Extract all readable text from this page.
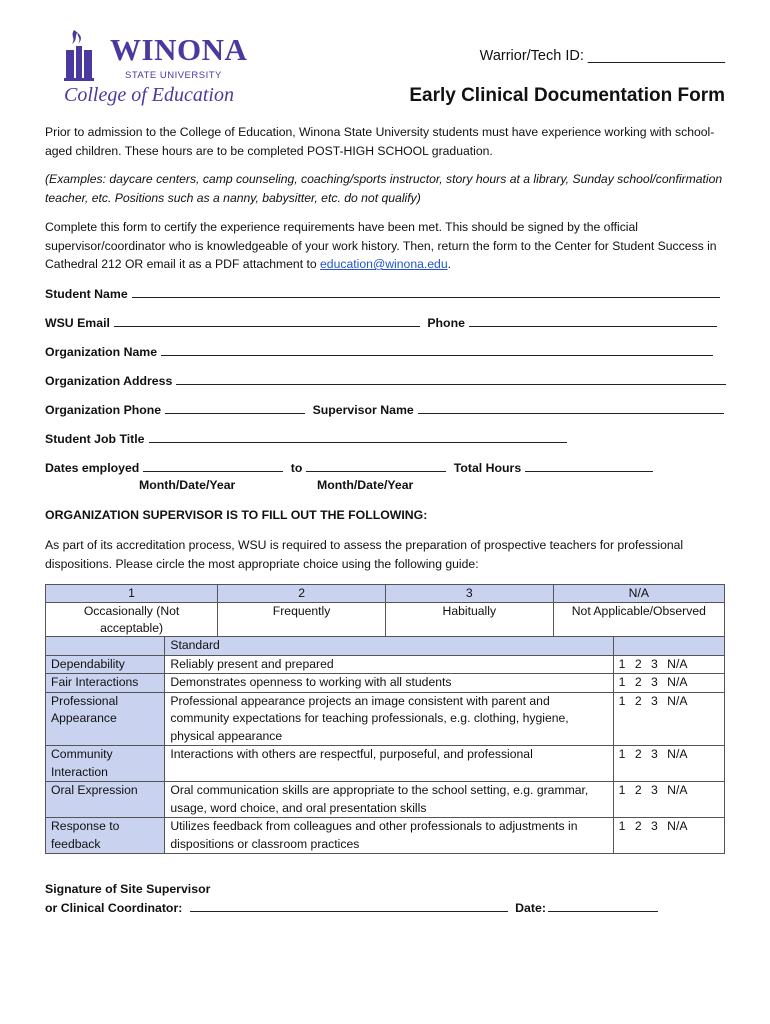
WINONA
STATE UNIVERSITY
College of Education
Warrior/Tech ID: _________________
Early Clinical Documentation Form
Prior to admission to the College of Education, Winona State University students must have experience working with school-aged children. These hours are to be completed POST-HIGH SCHOOL graduation.
(Examples: daycare centers, camp counseling, coaching/sports instructor, story hours at a library, Sunday school/confirmation teacher, etc. Positions such as a nanny, babysitter, etc. do not qualify)
Complete this form to certify the experience requirements have been met. This should be signed by the official supervisor/coordinator who is knowledgeable of your work history. Then, return the form to the Center for Student Success in Cathedral 212 OR email it as a PDF attachment to education@winona.edu.
Student Name
WSU Email	Phone
Organization Name
Organization Address
Organization Phone	Supervisor Name
Student Job Title
Dates employed	to	Total Hours
Month/Date/Year	Month/Date/Year
ORGANIZATION SUPERVISOR IS TO FILL OUT THE FOLLOWING:
As part of its accreditation process, WSU is required to assess the preparation of prospective teachers for professional dispositions. Please circle the most appropriate choice using the following guide:
1	2	3	N/A
Occasionally (Not acceptable)	Frequently	Habitually	Not Applicable/Observed
	Standard	
Dependability	Reliably present and prepared	1 2 3 N/A
Fair Interactions	Demonstrates openness to working with all students	1 2 3 N/A
Professional Appearance	Professional appearance projects an image consistent with parent and community expectations for teaching professionals, e.g. clothing, hygiene, physical appearance	1 2 3 N/A
Community Interaction	Interactions with others are respectful, purposeful, and professional	1 2 3 N/A
Oral Expression	Oral communication skills are appropriate to the school setting, e.g. grammar, usage, word choice, and oral presentation skills	1 2 3 N/A
Response to feedback	Utilizes feedback from colleagues and other professionals to adjustments in dispositions or classroom practices	1 2 3 N/A
Signature of Site Supervisor
or Clinical Coordinator:	Date:
